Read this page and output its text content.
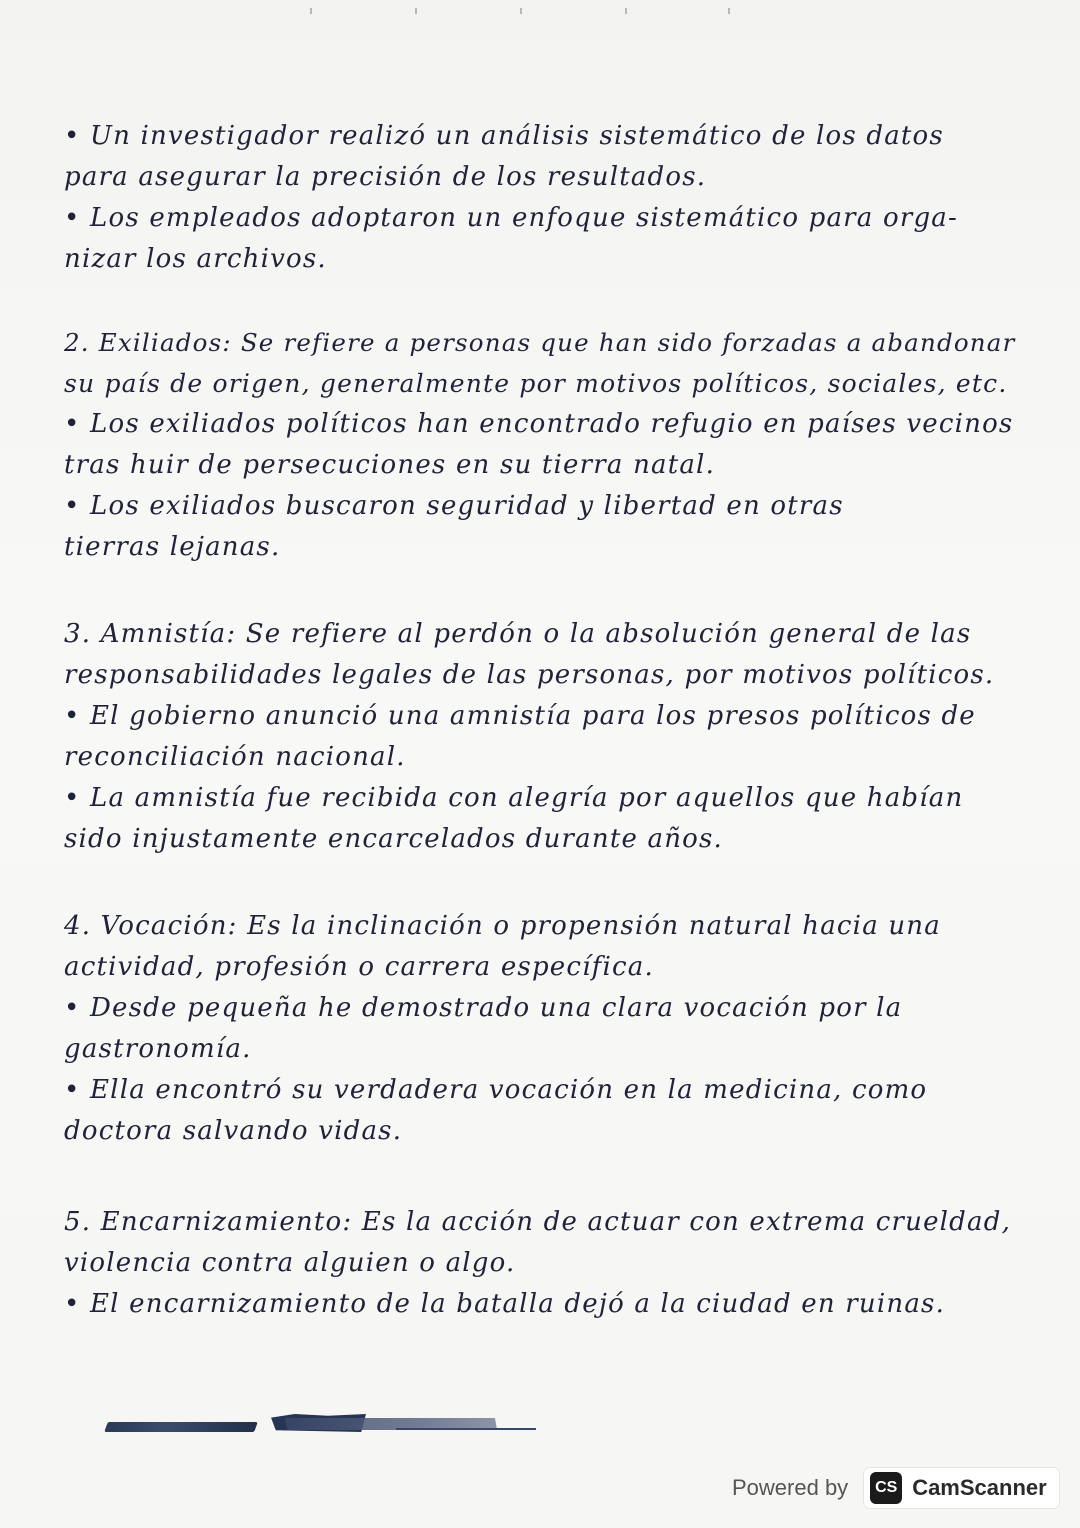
• Un investigador realizó un análisis sistemático de los datos
para asegurar la precisión de los resultados.
• Los empleados adoptaron un enfoque sistemático para orga-
nizar los archivos.
2. Exiliados: Se refiere a personas que han sido forzadas a abandonar
su país de origen, generalmente por motivos políticos, sociales, etc.
• Los exiliados políticos han encontrado refugio en países vecinos
tras huir de persecuciones en su tierra natal.
• Los exiliados buscaron seguridad y libertad en otras
tierras lejanas.
3. Amnistía: Se refiere al perdón o la absolución general de las
responsabilidades legales de las personas, por motivos políticos.
• El gobierno anunció una amnistía para los presos políticos de
reconciliación nacional.
• La amnistía fue recibida con alegría por aquellos que habían
sido injustamente encarcelados durante años.
4. Vocación: Es la inclinación o propensión natural hacia una
actividad, profesión o carrera específica.
• Desde pequeña he demostrado una clara vocación por la
gastronomía.
• Ella encontró su verdadera vocación en la medicina, como
doctora salvando vidas.
5. Encarnizamiento: Es la acción de actuar con extrema crueldad,
violencia contra alguien o algo.
• El encarnizamiento de la batalla dejó a la ciudad en ruinas.
Powered by	CS CamScanner
